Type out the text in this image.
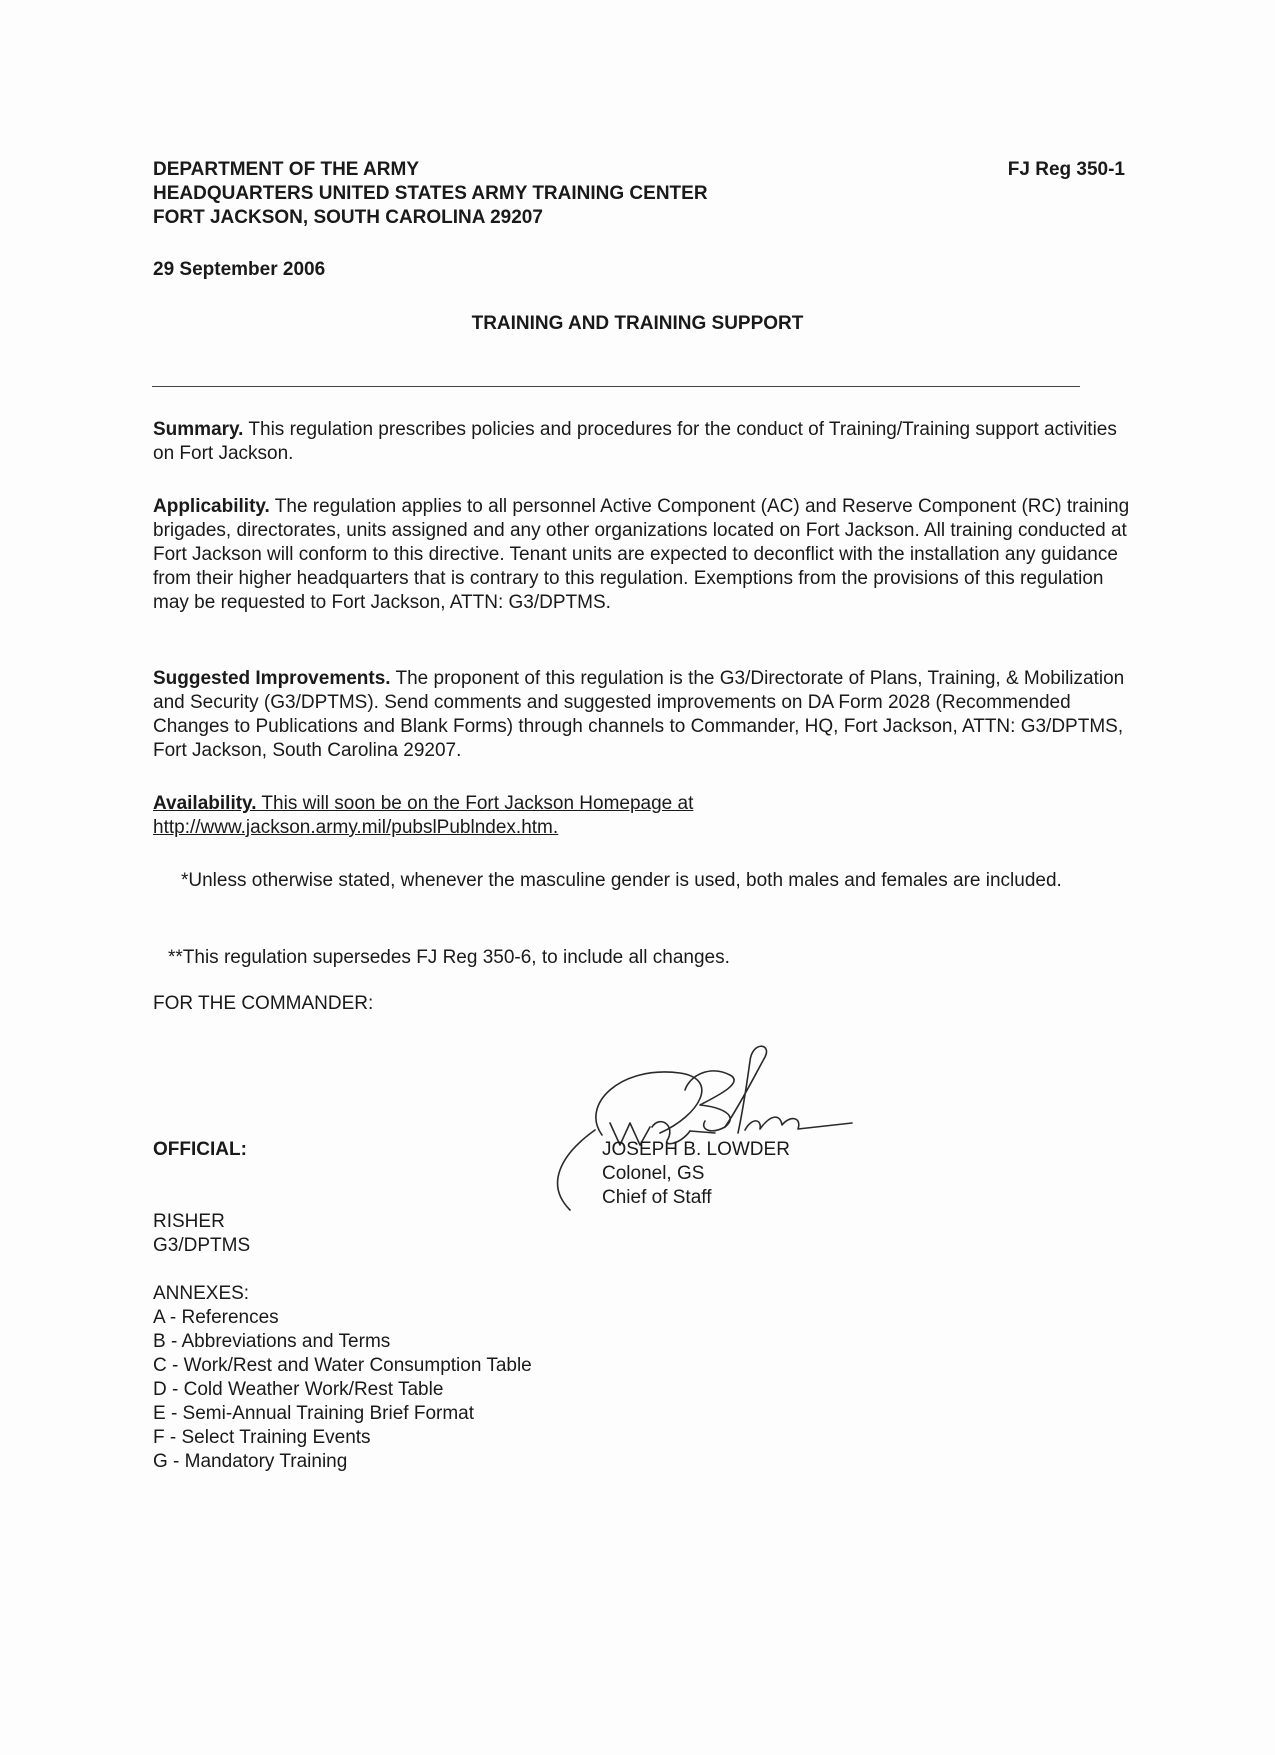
DEPARTMENT OF THE ARMY
HEADQUARTERS UNITED STATES ARMY TRAINING CENTER
FORT JACKSON, SOUTH CAROLINA 29207
FJ Reg 350-1
29 September 2006
TRAINING AND TRAINING SUPPORT
Summary. This regulation prescribes policies and procedures for the conduct of Training/Training support activities on Fort Jackson.
Applicability. The regulation applies to all personnel Active Component (AC) and Reserve Component (RC) training brigades, directorates, units assigned and any other organizations located on Fort Jackson. All training conducted at Fort Jackson will conform to this directive. Tenant units are expected to deconflict with the installation any guidance from their higher headquarters that is contrary to this regulation. Exemptions from the provisions of this regulation may be requested to Fort Jackson, ATTN: G3/DPTMS.
Suggested Improvements. The proponent of this regulation is the G3/Directorate of Plans, Training, & Mobilization and Security (G3/DPTMS). Send comments and suggested improvements on DA Form 2028 (Recommended Changes to Publications and Blank Forms) through channels to Commander, HQ, Fort Jackson, ATTN: G3/DPTMS, Fort Jackson, South Carolina 29207.
Availability. This will soon be on the Fort Jackson Homepage at
http://www.jackson.army.mil/pubslPublndex.htm.
*Unless otherwise stated, whenever the masculine gender is used, both males and females are included.
**This regulation supersedes FJ Reg 350-6, to include all changes.
FOR THE COMMANDER:
OFFICIAL:	JOSEPH B. LOWDER
Colonel, GS
Chief of Staff
RISHER
G3/DPTMS
ANNEXES:
A - References
B - Abbreviations and Terms
C - Work/Rest and Water Consumption Table
D - Cold Weather Work/Rest Table
E - Semi-Annual Training Brief Format
F - Select Training Events
G - Mandatory Training
